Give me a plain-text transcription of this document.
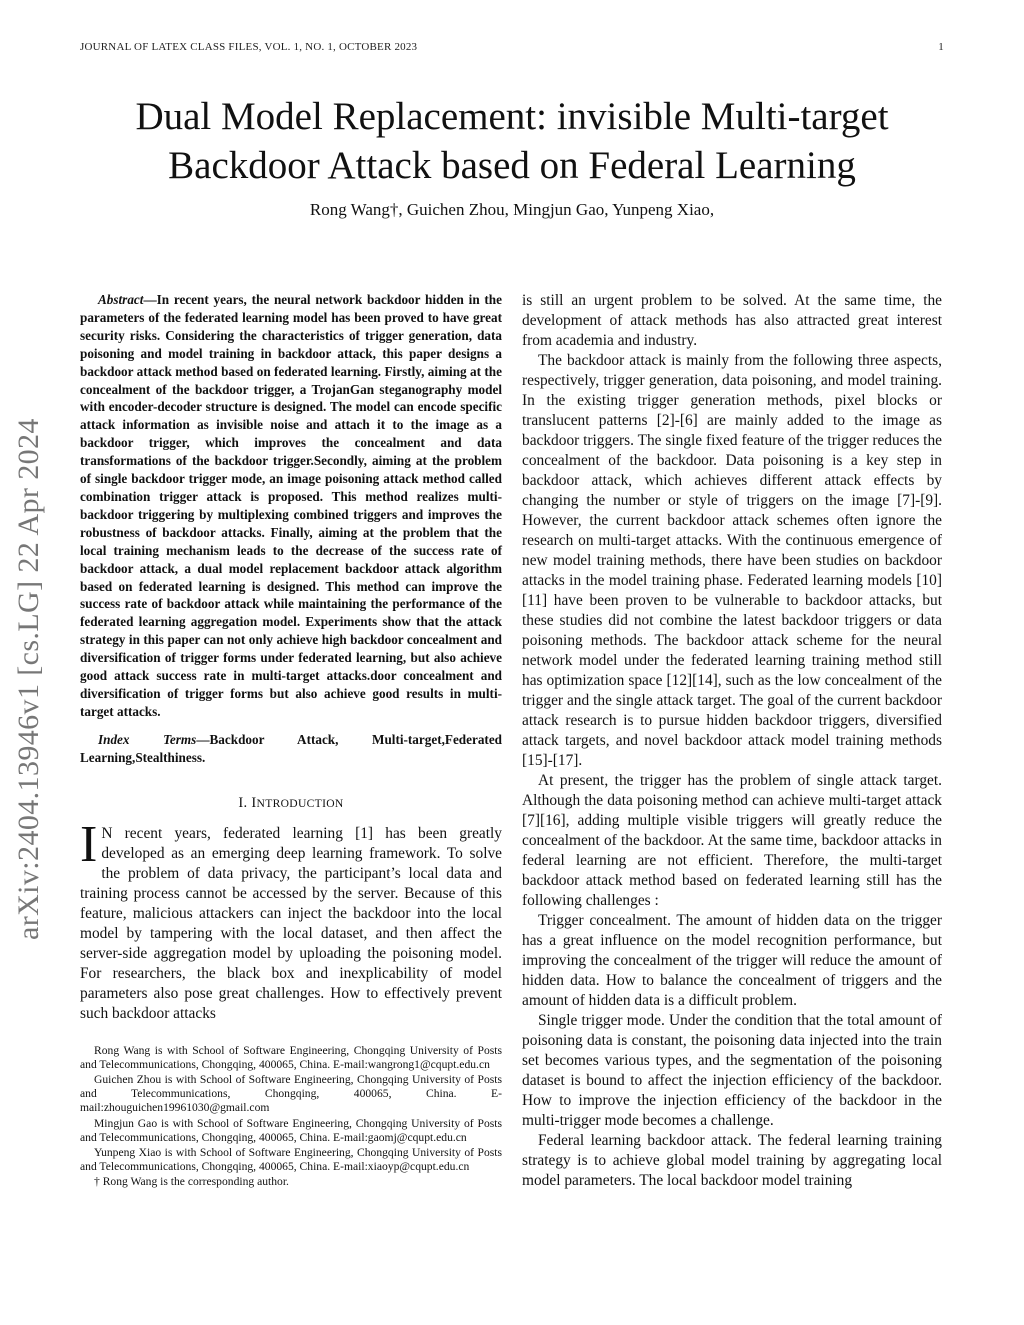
JOURNAL OF LATEX CLASS FILES, VOL. 1, NO. 1, OCTOBER 2023	1
arXiv:2404.13946v1 [cs.LG] 22 Apr 2024
Dual Model Replacement: invisible Multi-target Backdoor Attack based on Federal Learning
Rong Wang†, Guichen Zhou, Mingjun Gao, Yunpeng Xiao,

Abstract—In recent years, the neural network backdoor hidden in the parameters of the federated learning model has been proved to have great security risks. Considering the characteristics of trigger generation, data poisoning and model training in backdoor attack, this paper designs a backdoor attack method based on federated learning. Firstly, aiming at the concealment of the backdoor trigger, a TrojanGan steganography model with encoder-decoder structure is designed. The model can encode specific attack information as invisible noise and attach it to the image as a backdoor trigger, which improves the concealment and data transformations of the backdoor trigger.Secondly, aiming at the problem of single backdoor trigger mode, an image poisoning attack method called combination trigger attack is proposed. This method realizes multi-backdoor triggering by multiplexing combined triggers and improves the robustness of backdoor attacks. Finally, aiming at the problem that the local training mechanism leads to the decrease of the success rate of backdoor attack, a dual model replacement backdoor attack algorithm based on federated learning is designed. This method can improve the success rate of backdoor attack while maintaining the performance of the federated learning aggregation model. Experiments show that the attack strategy in this paper can not only achieve high backdoor concealment and diversification of trigger forms under federated learning, but also achieve good attack success rate in multi-target attacks.door concealment and diversification of trigger forms but also achieve good results in multi-target attacks.

Index Terms—Backdoor Attack, Multi-target,Federated Learning,Stealthiness.

I. INTRODUCTION

I N recent years, federated learning [1] has been greatly developed as an emerging deep learning framework. To solve the problem of data privacy, the participant’s local data and training process cannot be accessed by the server. Because of this feature, malicious attackers can inject the backdoor into the local model by tampering with the local dataset, and then affect the server-side aggregation model by uploading the poisoning model. For researchers, the black box and inexplicability of model parameters also pose great challenges. How to effectively prevent such backdoor attacks

Rong Wang is with School of Software Engineering, Chongqing University of Posts and Telecommunications, Chongqing, 400065, China. E-mail:wangrong1@cqupt.edu.cn

Guichen Zhou is with School of Software Engineering, Chongqing University of Posts and Telecommunications, Chongqing, 400065, China. E-mail:zhouguichen19961030@gmail.com

Mingjun Gao is with School of Software Engineering, Chongqing University of Posts and Telecommunications, Chongqing, 400065, China. E-mail:gaomj@cqupt.edu.cn

Yunpeng Xiao is with School of Software Engineering, Chongqing University of Posts and Telecommunications, Chongqing, 400065, China. E-mail:xiaoyp@cqupt.edu.cn

† Rong Wang is the corresponding author.

is still an urgent problem to be solved. At the same time, the development of attack methods has also attracted great interest from academia and industry.

The backdoor attack is mainly from the following three aspects, respectively, trigger generation, data poisoning, and model training. In the existing trigger generation methods, pixel blocks or translucent patterns [2]-[6] are mainly added to the image as backdoor triggers. The single fixed feature of the trigger reduces the concealment of the backdoor. Data poisoning is a key step in backdoor attack, which achieves different attack effects by changing the number or style of triggers on the image [7]-[9]. However, the current backdoor attack schemes often ignore the research on multi-target attacks. With the continuous emergence of new model training methods, there have been studies on backdoor attacks in the model training phase. Federated learning models [10][11] have been proven to be vulnerable to backdoor attacks, but these studies did not combine the latest backdoor triggers or data poisoning methods. The backdoor attack scheme for the neural network model under the federated learning training method still has optimization space [12][14], such as the low concealment of the trigger and the single attack target. The goal of the current backdoor attack research is to pursue hidden backdoor triggers, diversified attack targets, and novel backdoor attack model training methods [15]-[17].

At present, the trigger has the problem of single attack target. Although the data poisoning method can achieve multi-target attack [7][16], adding multiple visible triggers will greatly reduce the concealment of the backdoor. At the same time, backdoor attacks in federal learning are not efficient. Therefore, the multi-target backdoor attack method based on federated learning still has the following challenges :

Trigger concealment. The amount of hidden data on the trigger has a great influence on the model recognition performance, but improving the concealment of the trigger will reduce the amount of hidden data. How to balance the concealment of triggers and the amount of hidden data is a difficult problem.

Single trigger mode. Under the condition that the total amount of poisoning data is constant, the poisoning data injected into the train set becomes various types, and the segmentation of the poisoning dataset is bound to affect the injection efficiency of the backdoor. How to improve the injection efficiency of the backdoor in the multi-trigger mode becomes a challenge.

Federal learning backdoor attack. The federal learning training strategy is to achieve global model training by aggregating local model parameters. The local backdoor model training
